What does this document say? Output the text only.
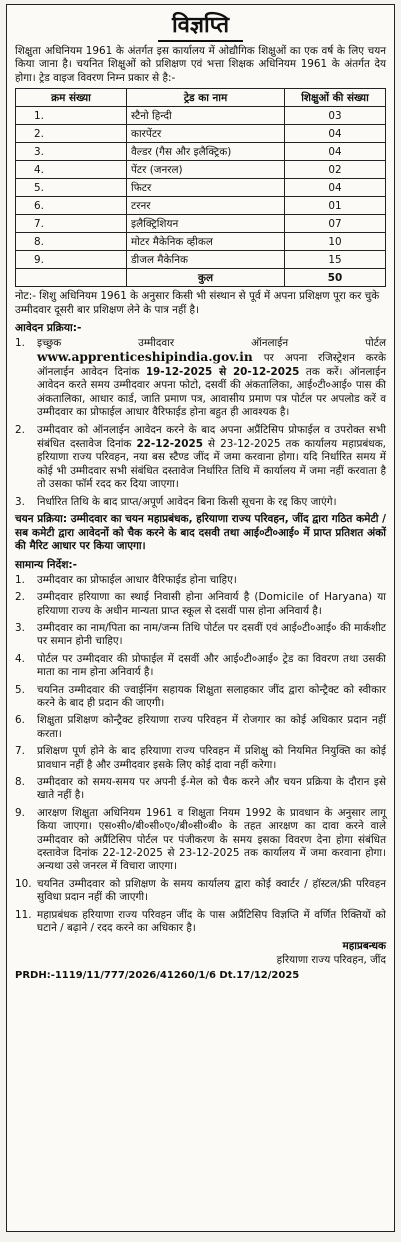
विज्ञप्ति

शिक्षुता अधिनियम 1961 के अंतर्गत इस कार्यालय में ओद्यौगिक शिक्षुओं का एक वर्ष के लिए चयन किया जाना है। चयनित शिक्षुओं को प्रशिक्षण एवं भत्ता शिक्षक अधिनियम 1961 के अंतर्गत देय होगा। ट्रेड वाइज विवरण निम्न प्रकार से है:-

क्रम संख्या	ट्रेड का नाम	शिक्षुओं की संख्या
1.	स्टैनो हिन्दी	03
2.	कारपेंटर	04
3.	वैल्डर (गैस और इलैक्ट्रिक)	04
4.	पेंटर (जनरल)	02
5.	फिटर	04
6.	टरनर	01
7.	इलैक्ट्रिशियन	07
8.	मोटर मैकेनिक व्हीकल	10
9.	डीजल मैकेनिक	15
	कुल	50

नोट:- शिशु अधिनियम 1961 के अनुसार किसी भी संस्थान से पूर्व में अपना प्रशिक्षण पूरा कर चुके उम्मीदवार दूसरी बार प्रशिक्षण लेने के पात्र नहीं है।

आवेदन प्रक्रिया:-

1.	इच्छुक उम्मीदवार ऑनलाईन पोर्टल
www.apprenticeshipindia.gov.in पर अपना रजिस्ट्रेशन करके ऑनलाईन आवेदन दिनांक 19-12-2025 से 20-12-2025 तक करें। ऑनलाईन आवेदन करते समय उम्मीदवार अपना फोटो, दसवीं की अंकतालिका, आई०टी०आई० पास की अंकतालिका, आधार कार्ड, जाति प्रमाण पत्र, आवासीय प्रमाण पत्र पोर्टल पर अपलोड करें व उम्मीदवार का प्रोफाईल आधार वैरिफाईड होना बहुत ही आवश्यक है।
2.	उम्मीदवार को ऑनलाईन आवेदन करने के बाद अपना अप्रैंटिसिप प्रोफाईल व उपरोक्त सभी संबंधित दस्तावेज दिनांक 22-12-2025 से 23-12-2025 तक कार्यालय महाप्रबंधक, हरियाणा राज्य परिवहन, नया बस स्टैण्ड जींद में जमा करवाना होगा। यदि निर्धारित समय में कोई भी उम्मीदवार सभी संबंधित दस्तावेज निर्धारित तिथि में कार्यालय में जमा नहीं करवाता है तो उसका फॉर्म रदद कर दिया जाएगा।
3.	निर्धारित तिथि के बाद प्राप्त/अपूर्ण आवेदन बिना किसी सूचना के रद्द किए जाएंगे।

चयन प्रक्रिया: उम्मीदवार का चयन महाप्रबंधक, हरियाणा राज्य परिवहन, जींद द्वारा गठित कमेटी / सब कमेटी द्वारा आवेदनों को चैक करने के बाद दसवी तथा आई०टी०आई० में प्राप्त प्रतिशत अंकों की मैरिट आधार पर किया जाएगा।

सामान्य निर्देश:-

1.	उम्मीदवार का प्रोफाईल आधार वैरिफाईड होना चाहिए।
2.	उम्मीदवार हरियाणा का स्थाई निवासी होना अनिवार्य है (Domicile of Haryana) या हरियाणा राज्य के अधीन मान्यता प्राप्त स्कूल से दसवीं पास होना अनिवार्य है।
3.	उम्मीदवार का नाम/पिता का नाम/जन्म तिथि पोर्टल पर दसवीं एवं आई०टी०आई० की मार्कशीट पर समान होनी चाहिए।
4.	पोर्टल पर उम्मीदवार की प्रोफाईल में दसवीं और आई०टी०आई० ट्रेड का विवरण तथा उसकी माता का नाम होना अनिवार्य है।
5.	चयनित उम्मीदवार की ज्वाईनिंग सहायक शिक्षुता सलाहकार जींद द्वारा कोन्ट्रैक्ट को स्वीकार करने के बाद ही प्रदान की जाएगी।
6.	शिक्षुता प्रशिक्षण कोन्ट्रैक्ट हरियाणा राज्य परिवहन में रोजगार का कोई अधिकार प्रदान नहीं करता।
7.	प्रशिक्षण पूर्ण होने के बाद हरियाणा राज्य परिवहन में प्रशिक्षु को नियमित नियुक्ति का कोई प्रावधान नहीं है और उम्मीदवार इसके लिए कोई दावा नहीं करेगा।
8.	उम्मीदवार को समय-समय पर अपनी ई-मेल को चैक करने और चयन प्रक्रिया के दौरान इसे खाते नहीं है।
9.	आरक्षण शिक्षुता अधिनियम 1961 व शिक्षुता नियम 1992 के प्रावधान के अनुसार लागू किया जाएगा। एस०सी०/बी०सी०ए०/बी०सी०बी० के तहत आरक्षण का दावा करने वाले उम्मीदवार को अप्रैंटिसिप पोर्टल पर पंजीकरण के समय इसका विवरण देना होगा संबंधित दस्तावेज दिनांक 22-12-2025 से 23-12-2025 तक कार्यालय में जमा करवाना होगा। अन्यथा उसे जनरल में विचारा जाएगा।
10. चयनित उम्मीदवार को प्रशिक्षण के समय कार्यालय द्वारा कोई क्वार्टर / हॉस्टल/फ्री परिवहन सुविधा प्रदान नहीं की जाएगी।
11. महाप्रबंधक हरियाणा राज्य परिवहन जींद के पास अप्रैंटिसिप विज्ञप्ति में वर्णित रिक्तियों को घटाने / बढ़ाने / रदद करने का अधिकार है।
महाप्रबन्धक
हरियाणा राज्य परिवहन, जींद
PRDH:-1119/11/777/2026/41260/1/6 Dt.17/12/2025
